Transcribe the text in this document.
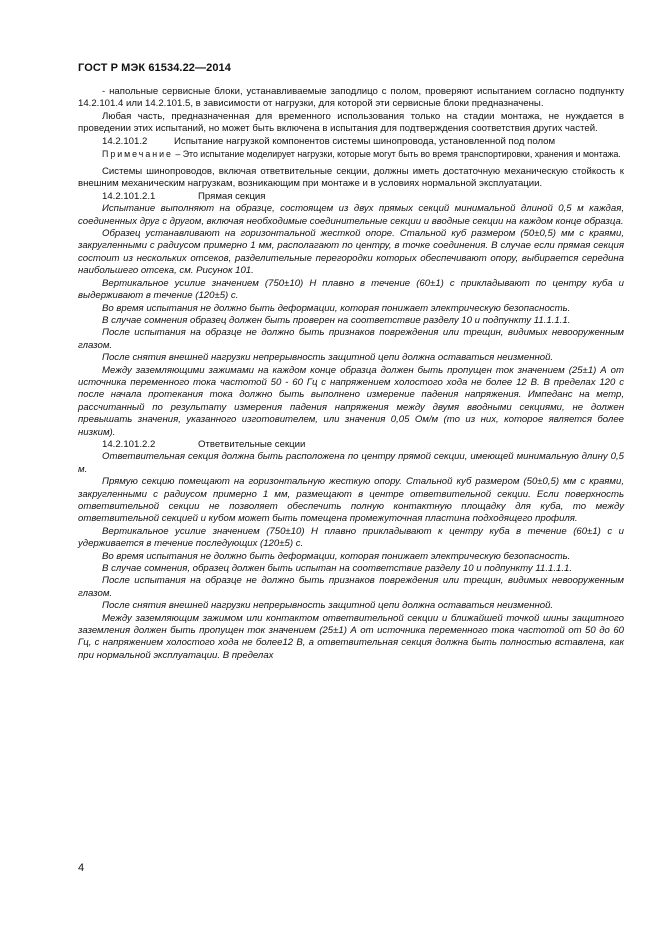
ГОСТ Р МЭК 61534.22—2014

- напольные сервисные блоки, устанавливаемые заподлицо с полом, проверяют испытанием согласно подпункту 14.2.101.4 или 14.2.101.5, в зависимости от нагрузки, для которой эти сервисные блоки предназначены.

Любая часть, предназначенная для временного использования только на стадии монтажа, не нуждается в проведении этих испытаний, но может быть включена в испытания для подтверждения соответствия других частей.

14.2.101.2	Испытание нагрузкой компонентов системы шинопровода, установленной под полом

Примечание – Это испытание моделирует нагрузки, которые могут быть во время транспортировки, хранения и монтажа.

Системы шинопроводов, включая ответвительные секции, должны иметь достаточную механическую стойкость к внешним механическим нагрузкам, возникающим при монтаже и в условиях нормальной эксплуатации.

14.2.101.2.1	Прямая секция

Испытание выполняют на образце, состоящем из двух прямых секций минимальной длиной 0,5 м каждая, соединенных друг с другом, включая необходимые соединительные секции и вводные секции на каждом конце образца.

Образец устанавливают на горизонтальной жесткой опоре. Стальной куб размером (50±0,5) мм с краями, закругленными с радиусом примерно 1 мм, располагают по центру, в точке соединения. В случае если прямая секция состоит из нескольких отсеков, разделительные перегородки которых обеспечивают опору, выбирается середина наибольшего отсека, см. Рисунок 101.

Вертикальное усилие значением (750±10) Н плавно в течение (60±1) с прикладывают по центру куба и выдерживают в течение (120±5) с.

Во время испытания не должно быть деформации, которая понижает электрическую безопасность.

В случае сомнения образец должен быть проверен на соответствие разделу 10 и подпункту 11.1.1.1.

После испытания на образце не должно быть признаков повреждения или трещин, видимых невооруженным глазом.

После снятия внешней нагрузки непрерывность защитной цепи должна оставаться неизменной.

Между заземляющими зажимами на каждом конце образца должен быть пропущен ток значением (25±1) А от источника переменного тока частотой 50 - 60 Гц с напряжением холостого хода не более 12 В. В пределах 120 с после начала протекания тока должно быть выполнено измерение падения напряжения. Импеданс на метр, рассчитанный по результату измерения падения напряжения между двумя вводными секциями, не должен превышать значения, указанного изготовителем, или значения 0,05 Ом/м (то из них, которое является более низким).

14.2.101.2.2	Ответвительные секции

Ответвительная секция должна быть расположена по центру прямой секции, имеющей минимальную длину 0,5 м.

Прямую секцию помещают на горизонтальную жесткую опору. Стальной куб размером (50±0,5) мм с краями, закругленными с радиусом примерно 1 мм, размещают в центре ответвительной секции. Если поверхность ответвительной секции не позволяет обеспечить полную контактную площадку для куба, то между ответвительной секцией и кубом может быть помещена промежуточная пластина подходящего профиля.

Вертикальное усилие значением (750±10) Н плавно прикладывают к центру куба в течение (60±1) с и удерживается в течение последующих (120±5) с.

Во время испытания не должно быть деформации, которая понижает электрическую безопасность.

В случае сомнения, образец должен быть испытан на соответствие разделу 10 и подпункту 11.1.1.1.

После испытания на образце не должно быть признаков повреждения или трещин, видимых невооруженным глазом.

После снятия внешней нагрузки непрерывность защитной цепи должна оставаться неизменной.

Между заземляющим зажимом или контактом ответвительной секции и ближайшей точкой шины защитного заземления должен быть пропущен ток значением (25±1) А от источника переменного тока частотой от 50 до 60 Гц, с напряжением холостого хода не более12 В, а ответвительная секция должна быть полностью вставлена, как при нормальной эксплуатации. В пределах

4
